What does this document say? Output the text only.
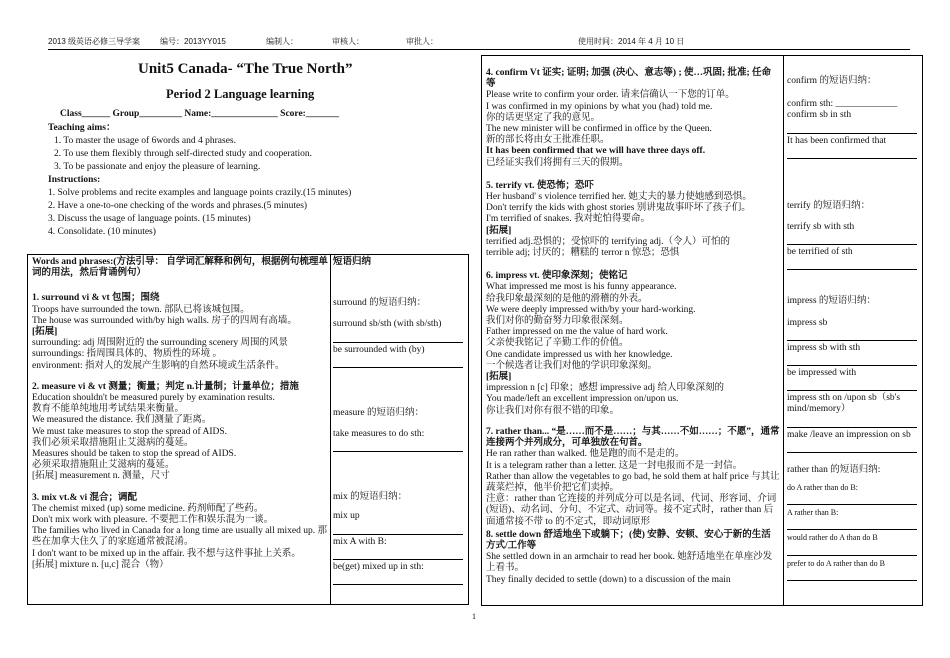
2013 级英语必修三导学案 编号：2013YY015	编制人：	审核人：	审批人：	使用时间：2014 年 4 月 10 日
Unit5 Canada- “The True North”
Period 2 Language learning
Class______ Group_________ Name:______________ Score:_______
Teaching aims：
1. To master the usage of 6words and 4 phrases.
2. To use them flexibly through self-directed study and cooperation.
3. To be passionate and enjoy the pleasure of learning.
Instructions:
1. Solve problems and recite examples and language points crazily.(15 minutes)
2. Have a one-to-one checking of the words and phrases.(5 minutes)
3. Discuss the usage of language points. (15 minutes)
4. Consolidate. (10 minutes)

Words and phrases:(方法引导： 自学词汇解释和例句，根据例句梳理单词的用法，然后背诵例句）

1. surround vi & vt 包围；围绕

Troops have surrounded the town. 部队已将该城包围。

The house was surrounded with/by high walls. 房子的四周有高墙。

[拓展]

surrounding: adj 周围附近的 the surrounding scenery 周围的风景

surroundings: 指周围具体的、物质性的环境 。

environment: 指对人的发展产生影响的自然环境或生活条件。

2. measure vi & vt 测量；衡量；判定 n.计量制；计量单位；措施

Education shouldn't be measured purely by examination results.

教育不能单纯地用考试结果来衡量。

We measured the distance. 我们测量了距离。

We must take measures to stop the spread of AIDS.

我们必须采取措施阻止艾滋病的蔓延。

Measures should be taken to stop the spread of AIDS.

必须采取措施阻止艾滋病的蔓延。

[拓展] measurement n. 测量，尺寸

3. mix vt.& vi 混合；调配

The chemist mixed (up) some medicine. 药剂师配了些药。

Don't mix work with pleasure. 不要把工作和娱乐混为一谈。

The families who lived in Canada for a long time are usually all mixed up. 那些在加拿大住久了的家庭通常被混淆。

I don't want to be mixed up in the affair. 我不想与这件事扯上关系。

[拓展] mixture n. [u,c] 混合（物）

短语归纳

surround 的短语归纳：

surround sb/sth (with sb/sth)

be surrounded with (by)

measure 的短语归纳：

take measures to do sth:

mix 的短语归纳：

mix up

mix A with B:

be(get) mixed up in sth:

4. confirm Vt 证实; 证明; 加强 (决心、意志等) ; 使…巩固; 批准; 任命等

Please write to confirm your order. 请来信确认一下您的订单。

I was confirmed in my opinions by what you (had) told me.

你的话更坚定了我的意见。

The new minister will be confirmed in office by the Queen.

新的部长将由女王批准任职。

It has been confirmed that we will have three days off.

已经证实我们将拥有三天的假期。

5. terrify vt. 使恐怖；恐吓

Her husband' s violence terrified her. 她丈夫的暴力使她感到恐惧。

Don't terrify the kids with ghost stories 别讲鬼故事吓坏了孩子们。

I'm terrified of snakes. 我对蛇怕得要命。

[拓展]

terrified adj.恐惧的；受惊吓的 terrifying adj.（令人）可怕的

terrible adj; 讨厌的；糟糕的 terror n 惊恐；恐惧

6. impress vt. 使印象深刻；使铭记

What impressed me most is his funny appearance.

给我印象最深刻的是他的滑稽的外表。

We were deeply impressed with/by your hard-working.

我们对你的勤奋努力印象很深刻。

Father impressed on me the value of hard work.

父亲使我铭记了辛勤工作的价值。

One candidate impressed us with her knowledge.

一个候选者让我们对他的学识印象深刻。

[拓展]

impression n [c] 印象；感想 impressive adj 给人印象深刻的

You made/left an excellent impression on/upon us.

你让我们对你有很不错的印象。

7. rather than... “是……而不是……；与其……不如……；不愿”，通常连接两个并列成分，可单独放在句首。

He ran rather than walked. 他是跑的而不是走的。

It is a telegram rather than a letter. 这是一封电报而不是一封信。

Rather than allow the vegetables to go bad, he sold them at half price 与其让蔬菜烂掉，他半价把它们卖掉。

注意：rather than 它连接的并列成分可以是名词、代词、形容词、介词(短语)、动名词、分句、不定式、动词等。接不定式时，rather than 后面通常接不带 to 的不定式，即动词原形

8. settle down 舒适地坐下或躺下；(使) 安静、安顿、安心于新的生活方式/工作等

She settled down in an armchair to read her book. 她舒适地坐在单座沙发上看书。

They finally decided to settle (down) to a discussion of the main

confirm 的短语归纳：

confirm sth: _____________

confirm sb in sth

It has been confirmed that

terrify 的短语归纳：

terrify sb with sth

be terrified of sth

impress 的短语归纳：

impress sb

impress sb with sth

be impressed with

impress sth on /upon sb（sb's mind/memory）

make /leave an impression on sb

rather than 的短语归纳:

do A rather than do B:

A rather than B:

would rather do A than do B

prefer to do A rather than do B

1
